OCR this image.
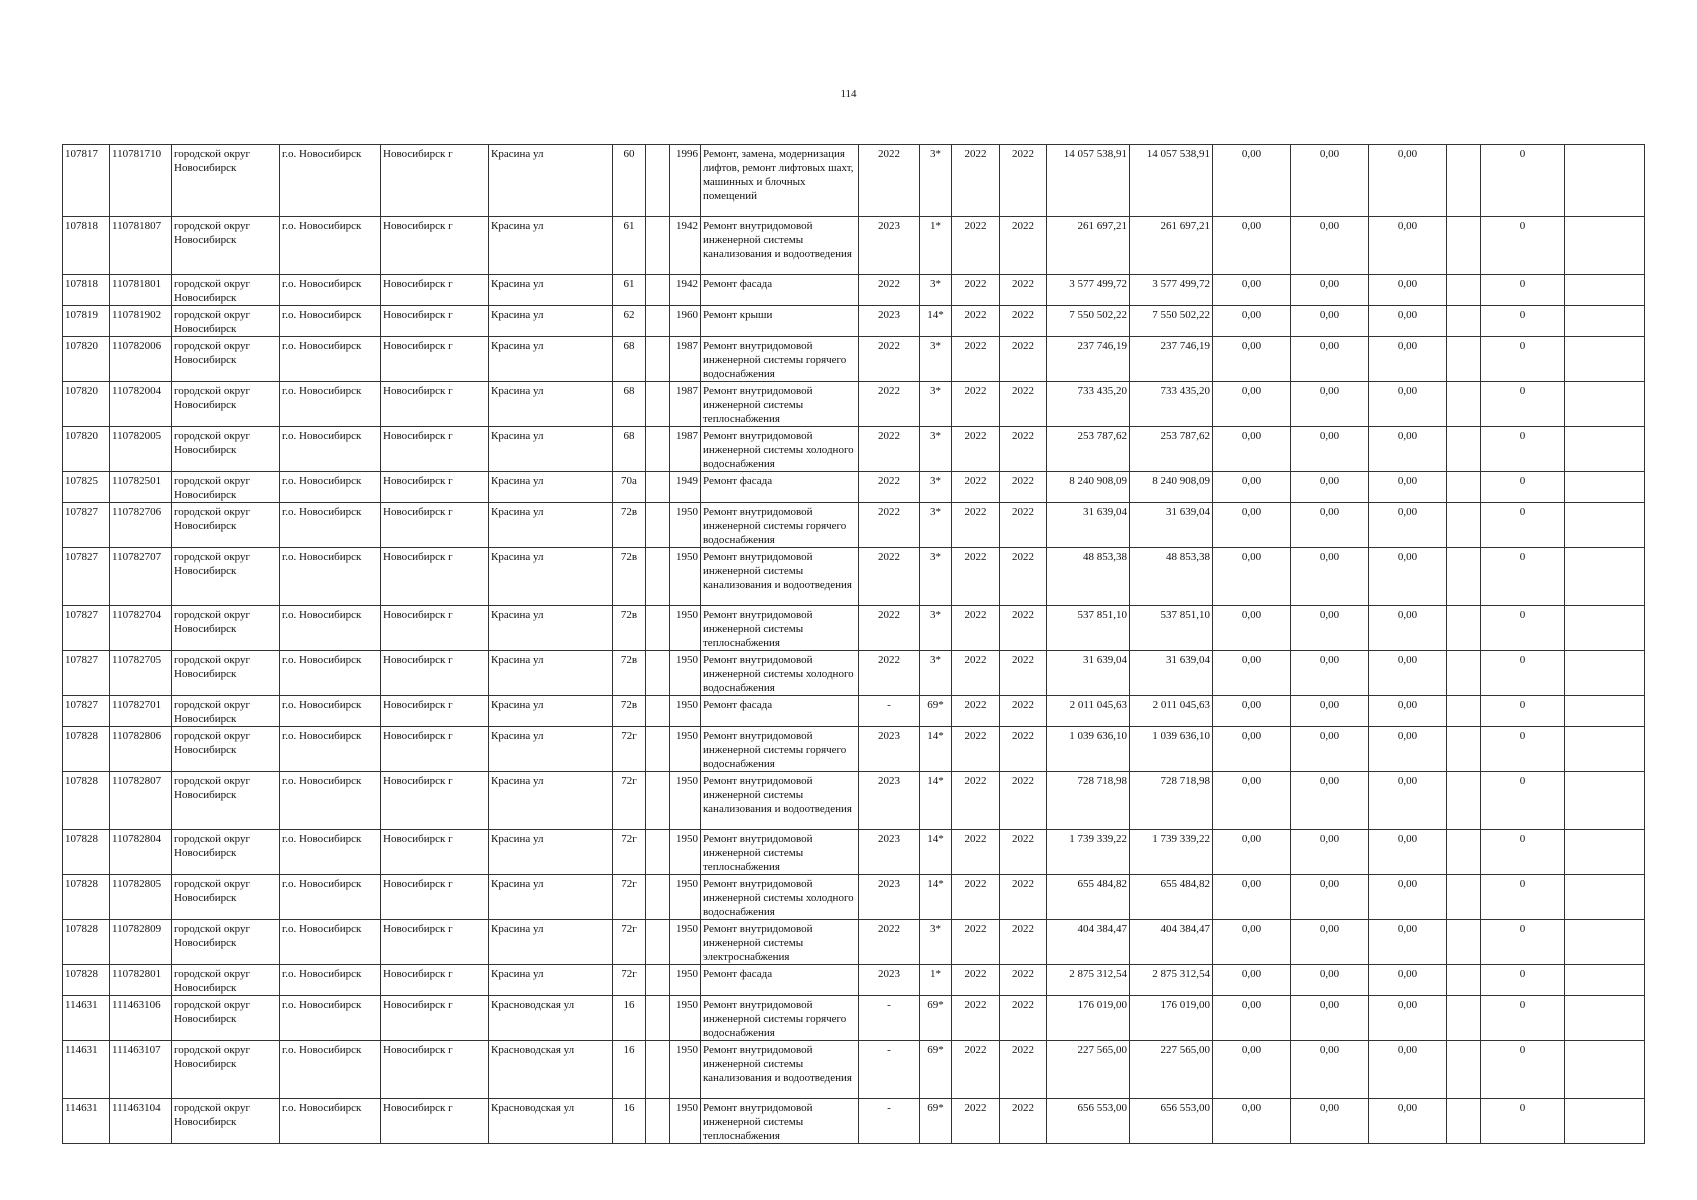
114
107817	110781710	городской округ Новосибирск	г.о. Новосибирск	Новосибирск г	Красина ул	60		1996	Ремонт, замена, модернизация лифтов, ремонт лифтовых шахт, машинных и блочных помещений	2022	3*	2022	2022	14 057 538,91	14 057 538,91	0,00	0,00	0,00		0	
107818	110781807	городской округ Новосибирск	г.о. Новосибирск	Новосибирск г	Красина ул	61		1942	Ремонт внутридомовой инженерной системы канализования и водоотведения	2023	1*	2022	2022	261 697,21	261 697,21	0,00	0,00	0,00		0	
107818	110781801	городской округ Новосибирск	г.о. Новосибирск	Новосибирск г	Красина ул	61		1942	Ремонт фасада	2022	3*	2022	2022	3 577 499,72	3 577 499,72	0,00	0,00	0,00		0	
107819	110781902	городской округ Новосибирск	г.о. Новосибирск	Новосибирск г	Красина ул	62		1960	Ремонт крыши	2023	14*	2022	2022	7 550 502,22	7 550 502,22	0,00	0,00	0,00		0	
107820	110782006	городской округ Новосибирск	г.о. Новосибирск	Новосибирск г	Красина ул	68		1987	Ремонт внутридомовой инженерной системы горячего водоснабжения	2022	3*	2022	2022	237 746,19	237 746,19	0,00	0,00	0,00		0	
107820	110782004	городской округ Новосибирск	г.о. Новосибирск	Новосибирск г	Красина ул	68		1987	Ремонт внутридомовой инженерной системы теплоснабжения	2022	3*	2022	2022	733 435,20	733 435,20	0,00	0,00	0,00		0	
107820	110782005	городской округ Новосибирск	г.о. Новосибирск	Новосибирск г	Красина ул	68		1987	Ремонт внутридомовой инженерной системы холодного водоснабжения	2022	3*	2022	2022	253 787,62	253 787,62	0,00	0,00	0,00		0	
107825	110782501	городской округ Новосибирск	г.о. Новосибирск	Новосибирск г	Красина ул	70а		1949	Ремонт фасада	2022	3*	2022	2022	8 240 908,09	8 240 908,09	0,00	0,00	0,00		0	
107827	110782706	городской округ Новосибирск	г.о. Новосибирск	Новосибирск г	Красина ул	72в		1950	Ремонт внутридомовой инженерной системы горячего водоснабжения	2022	3*	2022	2022	31 639,04	31 639,04	0,00	0,00	0,00		0	
107827	110782707	городской округ Новосибирск	г.о. Новосибирск	Новосибирск г	Красина ул	72в		1950	Ремонт внутридомовой инженерной системы канализования и водоотведения	2022	3*	2022	2022	48 853,38	48 853,38	0,00	0,00	0,00		0	
107827	110782704	городской округ Новосибирск	г.о. Новосибирск	Новосибирск г	Красина ул	72в		1950	Ремонт внутридомовой инженерной системы теплоснабжения	2022	3*	2022	2022	537 851,10	537 851,10	0,00	0,00	0,00		0	
107827	110782705	городской округ Новосибирск	г.о. Новосибирск	Новосибирск г	Красина ул	72в		1950	Ремонт внутридомовой инженерной системы холодного водоснабжения	2022	3*	2022	2022	31 639,04	31 639,04	0,00	0,00	0,00		0	
107827	110782701	городской округ Новосибирск	г.о. Новосибирск	Новосибирск г	Красина ул	72в		1950	Ремонт фасада	-	69*	2022	2022	2 011 045,63	2 011 045,63	0,00	0,00	0,00		0	
107828	110782806	городской округ Новосибирск	г.о. Новосибирск	Новосибирск г	Красина ул	72г		1950	Ремонт внутридомовой инженерной системы горячего водоснабжения	2023	14*	2022	2022	1 039 636,10	1 039 636,10	0,00	0,00	0,00		0	
107828	110782807	городской округ Новосибирск	г.о. Новосибирск	Новосибирск г	Красина ул	72г		1950	Ремонт внутридомовой инженерной системы канализования и водоотведения	2023	14*	2022	2022	728 718,98	728 718,98	0,00	0,00	0,00		0	
107828	110782804	городской округ Новосибирск	г.о. Новосибирск	Новосибирск г	Красина ул	72г		1950	Ремонт внутридомовой инженерной системы теплоснабжения	2023	14*	2022	2022	1 739 339,22	1 739 339,22	0,00	0,00	0,00		0	
107828	110782805	городской округ Новосибирск	г.о. Новосибирск	Новосибирск г	Красина ул	72г		1950	Ремонт внутридомовой инженерной системы холодного водоснабжения	2023	14*	2022	2022	655 484,82	655 484,82	0,00	0,00	0,00		0	
107828	110782809	городской округ Новосибирск	г.о. Новосибирск	Новосибирск г	Красина ул	72г		1950	Ремонт внутридомовой инженерной системы электроснабжения	2022	3*	2022	2022	404 384,47	404 384,47	0,00	0,00	0,00		0	
107828	110782801	городской округ Новосибирск	г.о. Новосибирск	Новосибирск г	Красина ул	72г		1950	Ремонт фасада	2023	1*	2022	2022	2 875 312,54	2 875 312,54	0,00	0,00	0,00		0	
114631	111463106	городской округ Новосибирск	г.о. Новосибирск	Новосибирск г	Красноводская ул	16		1950	Ремонт внутридомовой инженерной системы горячего водоснабжения	-	69*	2022	2022	176 019,00	176 019,00	0,00	0,00	0,00		0	
114631	111463107	городской округ Новосибирск	г.о. Новосибирск	Новосибирск г	Красноводская ул	16		1950	Ремонт внутридомовой инженерной системы канализования и водоотведения	-	69*	2022	2022	227 565,00	227 565,00	0,00	0,00	0,00		0	
114631	111463104	городской округ Новосибирск	г.о. Новосибирск	Новосибирск г	Красноводская ул	16		1950	Ремонт внутридомовой инженерной системы теплоснабжения	-	69*	2022	2022	656 553,00	656 553,00	0,00	0,00	0,00		0	
